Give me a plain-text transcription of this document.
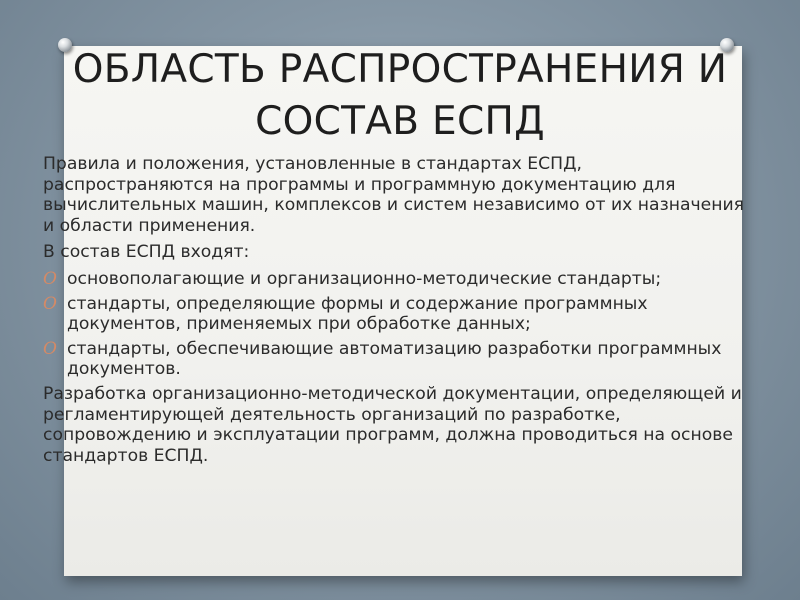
ОБЛАСТЬ РАСПРОСТРАНЕНИЯ И СОСТАВ ЕСПД

Правила и положения, установленные в стандартах ЕСПД, распространяются на программы и программную документацию для вычислительных машин, комплексов и систем независимо от их назначения и области применения.

В состав ЕСПД входят:

O основополагающие и организационно-методические стандарты;
O стандарты, определяющие формы и содержание программных документов, применяемых при обработке данных;
O стандарты, обеспечивающие автоматизацию разработки программных документов.

Разработка организационно-методической документации, определяющей и регламентирующей деятельность организаций по разработке, сопровождению и эксплуатации программ, должна проводиться на основе стандартов ЕСПД.
